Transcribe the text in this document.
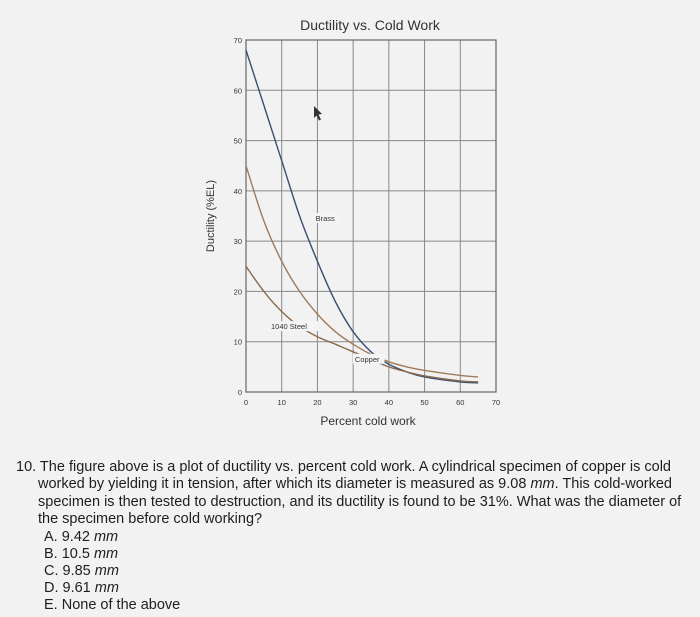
Ductility vs. Cold Work
0
10
20
30
40
50
60
70
0	10	20	30	40	50	60	70
Brass
1040 Steel
Copper
Ductility (%EL)
Percent cold work
10. The figure above is a plot of ductility vs. percent cold work. A cylindrical specimen of copper is cold worked by yielding it in tension, after which its diameter is measured as 9.08 mm. This cold-worked specimen is then tested to destruction, and its ductility is found to be 31%. What was the diameter of the specimen before cold working?
A. 9.42 mm
B. 10.5 mm
C. 9.85 mm
D. 9.61 mm
E. None of the above
